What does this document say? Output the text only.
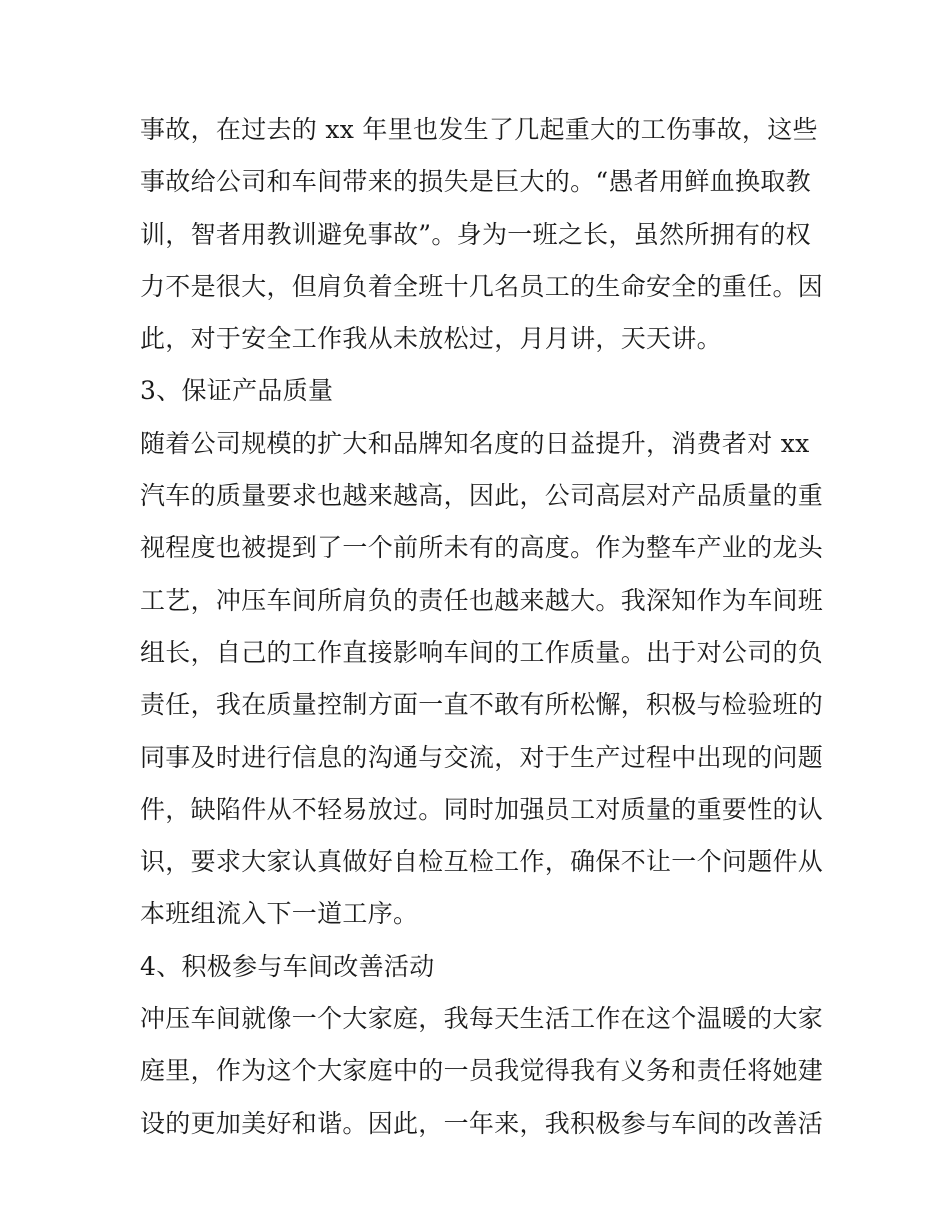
事故，在过去的 xx 年里也发生了几起重大的工伤事故，这些
事故给公司和车间带来的损失是巨大的。“愚者用鲜血换取教
训，智者用教训避免事故”。身为一班之长，虽然所拥有的权
力不是很大，但肩负着全班十几名员工的生命安全的重任。因
此，对于安全工作我从未放松过，月月讲，天天讲。
3、保证产品质量
随着公司规模的扩大和品牌知名度的日益提升，消费者对 xx
汽车的质量要求也越来越高，因此，公司高层对产品质量的重
视程度也被提到了一个前所未有的高度。作为整车产业的龙头
工艺，冲压车间所肩负的责任也越来越大。我深知作为车间班
组长，自己的工作直接影响车间的工作质量。出于对公司的负
责任，我在质量控制方面一直不敢有所松懈，积极与检验班的
同事及时进行信息的沟通与交流，对于生产过程中出现的问题
件，缺陷件从不轻易放过。同时加强员工对质量的重要性的认
识，要求大家认真做好自检互检工作，确保不让一个问题件从
本班组流入下一道工序。
4、积极参与车间改善活动
冲压车间就像一个大家庭，我每天生活工作在这个温暖的大家
庭里，作为这个大家庭中的一员我觉得我有义务和责任将她建
设的更加美好和谐。因此，一年来，我积极参与车间的改善活
